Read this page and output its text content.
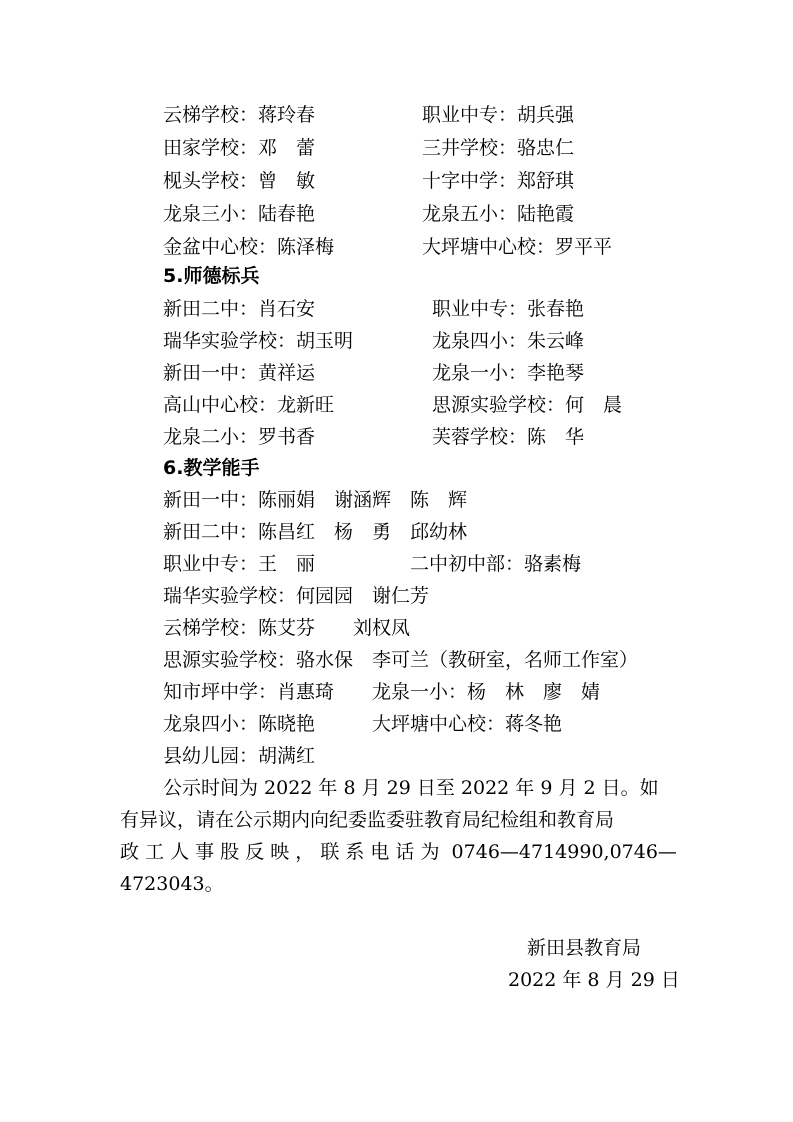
云梯学校：蒋玲春	职业中专：胡兵强
田家学校：邓　蕾	三井学校：骆忠仁
枧头学校：曾　敏	十字中学：郑舒琪
龙泉三小：陆春艳	龙泉五小：陆艳霞
金盆中心校：陈泽梅	大坪塘中心校：罗平平
5.师德标兵
新田二中：肖石安	职业中专：张春艳
瑞华实验学校：胡玉明	龙泉四小：朱云峰
新田一中：黄祥运	龙泉一小：李艳琴
高山中心校：龙新旺	思源实验学校：何　晨
龙泉二小：罗书香	芙蓉学校：陈　华
6.教学能手
新田一中：陈丽娟　谢涵辉　陈　辉
新田二中：陈昌红　杨　勇　邱幼林
职业中专：王　丽　　　　　二中初中部：骆素梅
瑞华实验学校：何园园　谢仁芳
云梯学校：陈艾芬　　刘权凤
思源实验学校：骆水保　李可兰（教研室，名师工作室）
知市坪中学：肖惠琦　　龙泉一小：杨　林　廖　婧
龙泉四小：陈晓艳　　　大坪塘中心校：蒋冬艳
县幼儿园：胡满红
公示时间为 2022 年 8 月 29 日至 2022 年 9 月 2 日。如
有异议，请在公示期内向纪委监委驻教育局纪检组和教育局
政 工 人 事 股 反 映 ， 联 系 电 话 为  0746—4714990,0746—
4723043。
新田县教育局
2022 年 8 月 29 日
